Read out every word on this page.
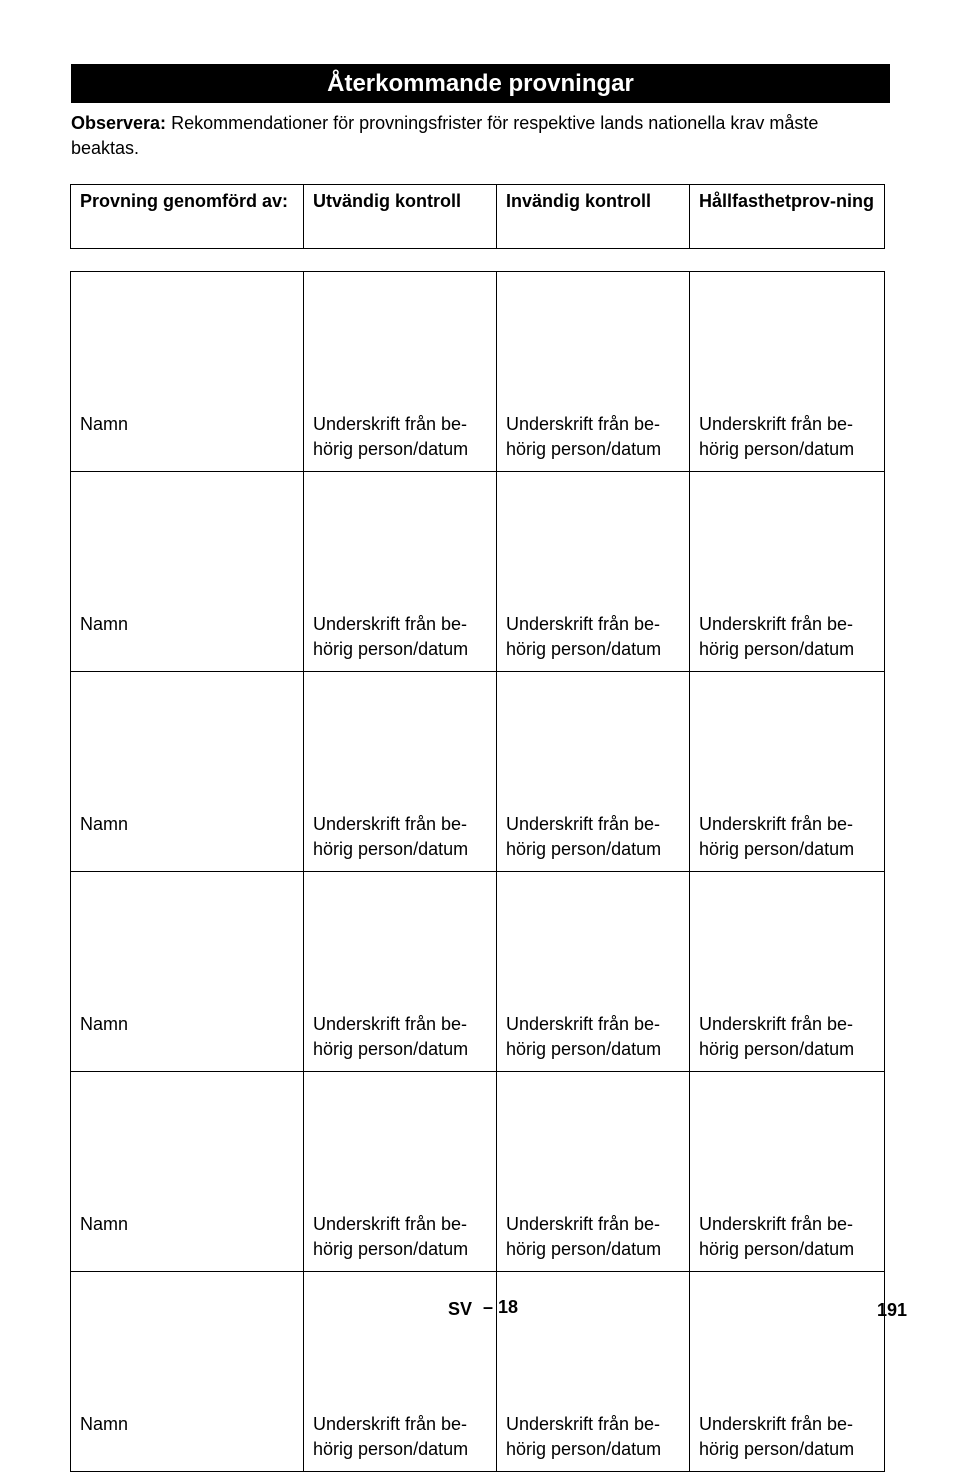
Återkommande provningar
Observera: Rekommendationer för provningsfrister för respektive lands nationella krav måste beaktas.
Provning genomförd av:	Utvändig kontroll	Invändig kontroll	Hållfasthetprov-ning
Namn	Underskrift från be-hörig person/datum	Underskrift från be-hörig person/datum	Underskrift från be-hörig person/datum
Namn	Underskrift från be-hörig person/datum	Underskrift från be-hörig person/datum	Underskrift från be-hörig person/datum
Namn	Underskrift från be-hörig person/datum	Underskrift från be-hörig person/datum	Underskrift från be-hörig person/datum
Namn	Underskrift från be-hörig person/datum	Underskrift från be-hörig person/datum	Underskrift från be-hörig person/datum
Namn	Underskrift från be-hörig person/datum	Underskrift från be-hörig person/datum	Underskrift från be-hörig person/datum
Namn	Underskrift från be-hörig person/datum	Underskrift från be-hörig person/datum	Underskrift från be-hörig person/datum
SV – 18	191
